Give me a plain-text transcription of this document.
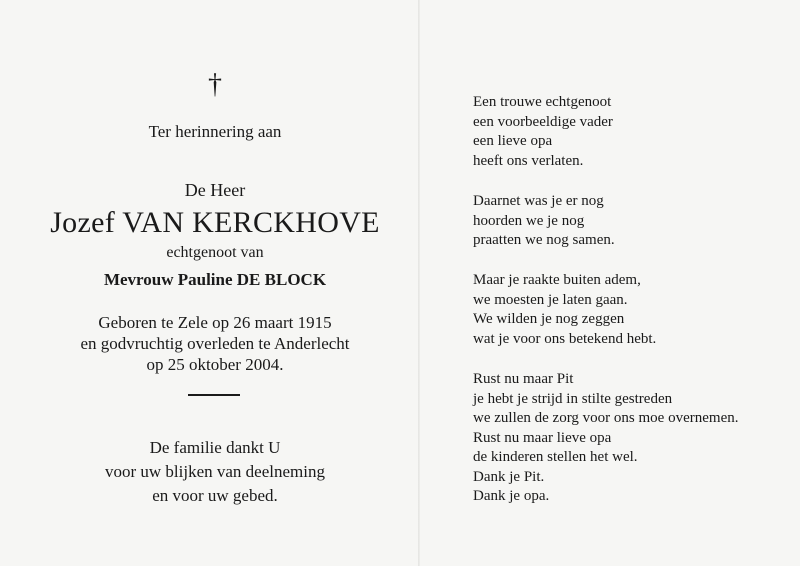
†
Ter herinnering aan
De Heer
Jozef VAN KERCKHOVE
echtgenoot van
Mevrouw Pauline DE BLOCK
Geboren te Zele op 26 maart 1915
en godvruchtig overleden te Anderlecht
op 25 oktober 2004.
De familie dankt U
voor uw blijken van deelneming
en voor uw gebed.
Een trouwe echtgenoot
een voorbeeldige vader
een lieve opa
heeft ons verlaten.
Daarnet was je er nog
hoorden we je nog
praatten we nog samen.
Maar je raakte buiten adem,
we moesten je laten gaan.
We wilden je nog zeggen
wat je voor ons betekend hebt.
Rust nu maar Pit
je hebt je strijd in stilte gestreden
we zullen de zorg voor ons moe overnemen.
Rust nu maar lieve opa
de kinderen stellen het wel.
Dank je Pit.
Dank je opa.
